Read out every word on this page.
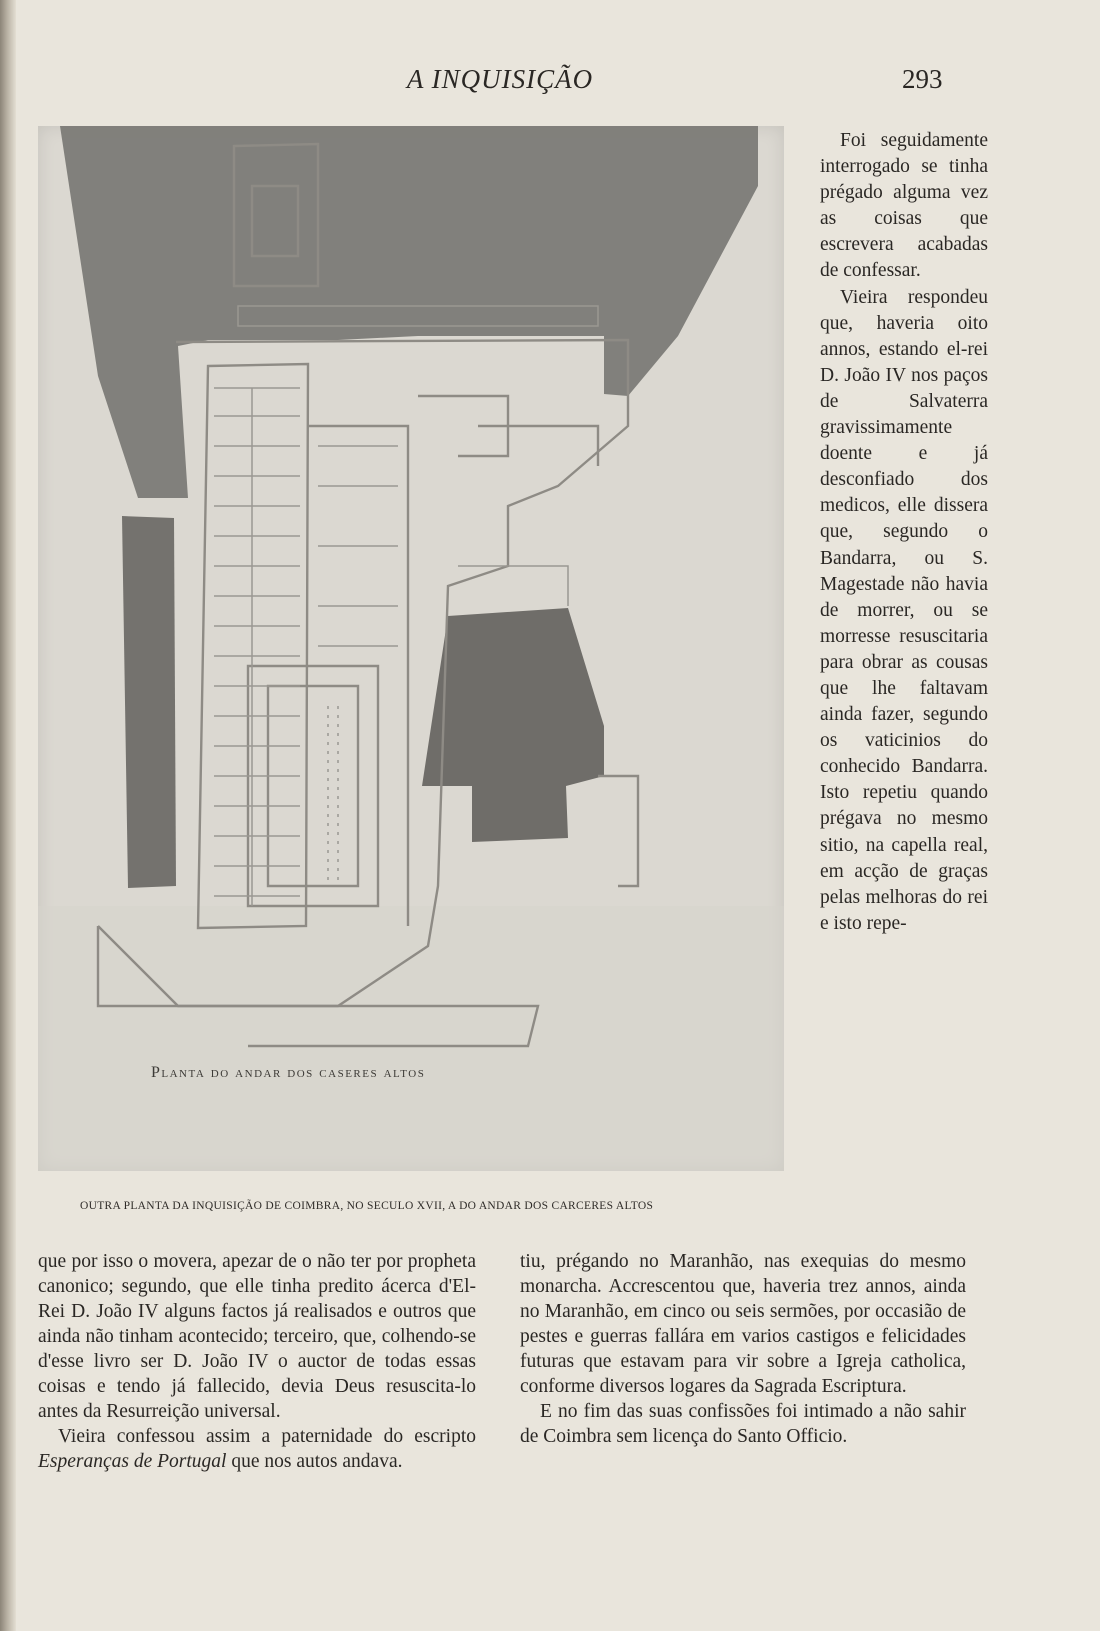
A INQUISIÇÃO	293
Planta do andar dos caseres altos
OUTRA PLANTA DA INQUISIÇÃO DE COIMBRA, NO SECULO XVII, A DO ANDAR DOS CARCERES ALTOS

Foi seguidamente interrogado se tinha prégado alguma vez as coisas que escrevera acabadas de confessar.

Vieira respondeu que, haveria oito annos, estando el-rei D. João IV nos paços de Salvaterra gravissimamente doente e já desconfiado dos medicos, elle dissera que, segundo o Bandarra, ou S. Magestade não havia de morrer, ou se morresse resuscitaria para obrar as cousas que lhe faltavam ainda fazer, segundo os vaticinios do conhecido Bandarra. Isto repetiu quando prégava no mesmo sitio, na capella real, em acção de graças pelas melhoras do rei e isto repe-

que por isso o movera, apezar de o não ter por propheta canonico; segundo, que elle tinha predito ácerca d'El-Rei D. João IV alguns factos já realisados e outros que ainda não tinham acontecido; terceiro, que, colhendo-se d'esse livro ser D. João IV o auctor de todas essas coisas e tendo já fallecido, devia Deus resuscita-lo antes da Resurreição universal.

Vieira confessou assim a paternidade do escripto Esperanças de Portugal que nos autos andava.

tiu, prégando no Maranhão, nas exequias do mesmo monarcha. Accrescentou que, haveria trez annos, ainda no Maranhão, em cinco ou seis sermões, por occasião de pestes e guerras fallára em varios castigos e felicidades futuras que estavam para vir sobre a Igreja catholica, conforme diversos logares da Sagrada Escriptura.

E no fim das suas confissões foi intimado a não sahir de Coimbra sem licença do Santo Officio.
